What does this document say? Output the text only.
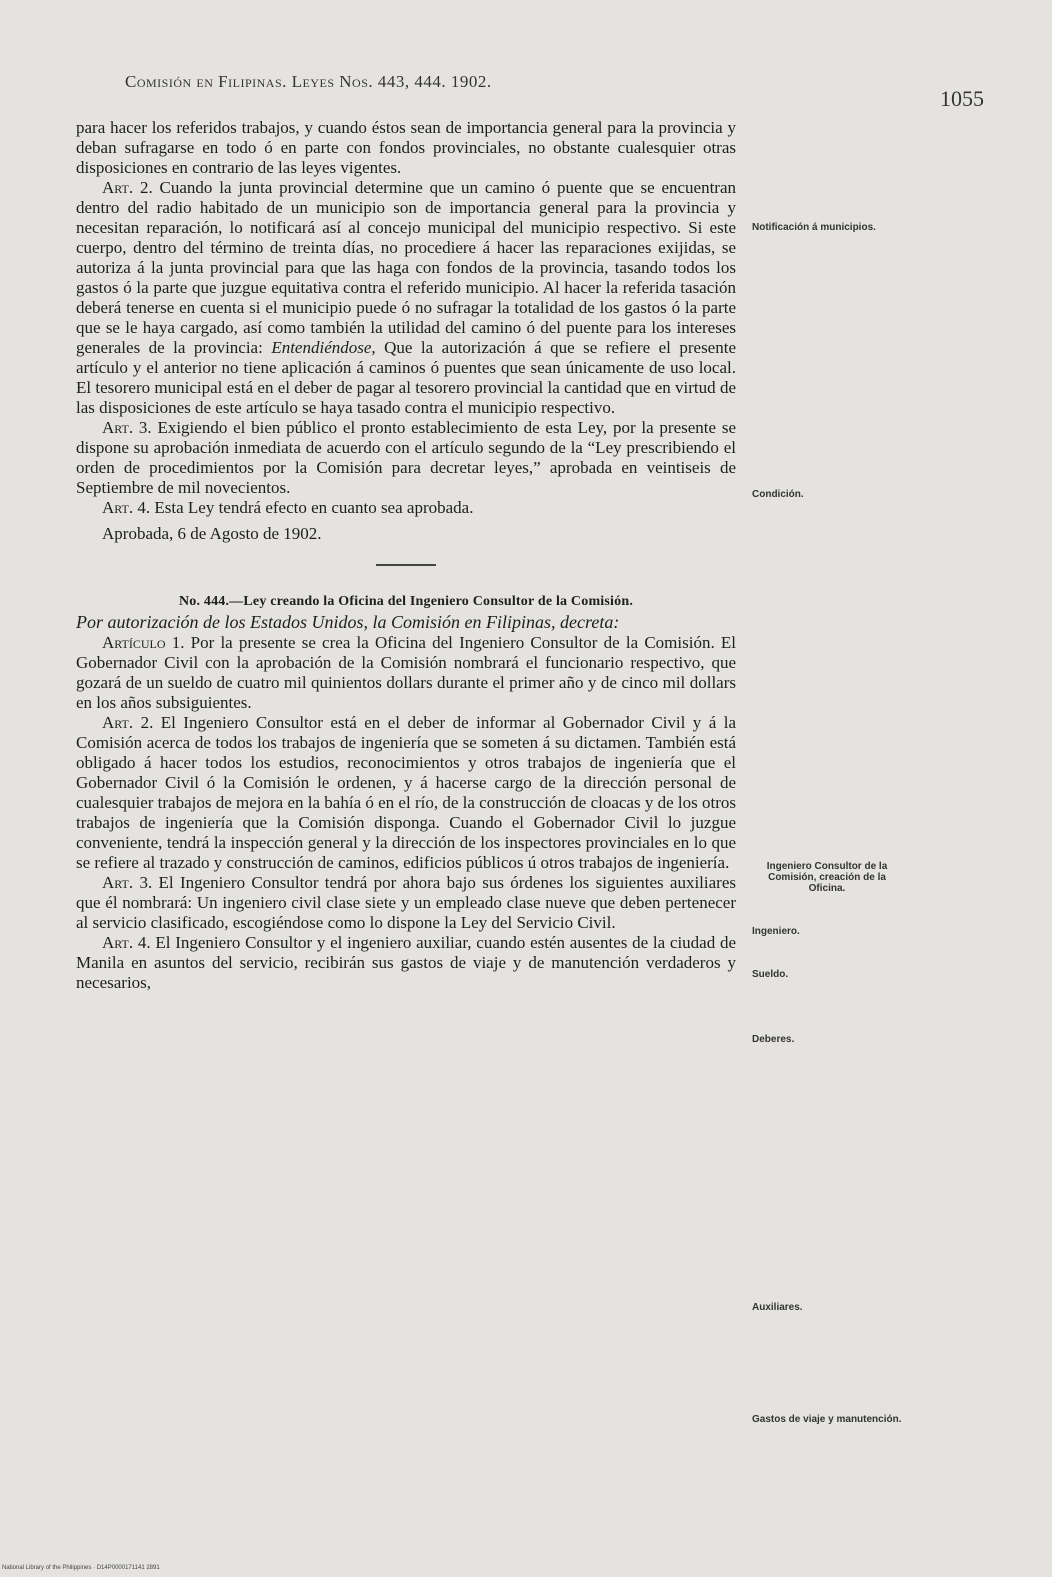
Comisión en Filipinas. Leyes Nos. 443, 444. 1902.
1055

para hacer los referidos trabajos, y cuando éstos sean de importancia general para la provincia y deban sufragarse en todo ó en parte con fondos provinciales, no obstante cualesquier otras disposiciones en contrario de las leyes vigentes.

Art. 2. Cuando la junta provincial determine que un camino ó puente que se encuentran dentro del radio habitado de un municipio son de importancia general para la provincia y necesitan reparación, lo notificará así al concejo municipal del municipio respectivo. Si este cuerpo, dentro del término de treinta días, no procediere á hacer las reparaciones exijidas, se autoriza á la junta provincial para que las haga con fondos de la provincia, tasando todos los gastos ó la parte que juzgue equitativa contra el referido municipio. Al hacer la referida tasación deberá tenerse en cuenta si el municipio puede ó no sufragar la totalidad de los gastos ó la parte que se le haya cargado, así como también la utilidad del camino ó del puente para los intereses generales de la provincia: Entendiéndose, Que la autorización á que se refiere el presente artículo y el anterior no tiene aplicación á caminos ó puentes que sean únicamente de uso local. El tesorero municipal está en el deber de pagar al tesorero provincial la cantidad que en virtud de las disposiciones de este artículo se haya tasado contra el municipio respectivo.

Art. 3. Exigiendo el bien público el pronto establecimiento de esta Ley, por la presente se dispone su aprobación inmediata de acuerdo con el artículo segundo de la “Ley prescribiendo el orden de procedimientos por la Comisión para decretar leyes,” aprobada en veintiseis de Septiembre de mil novecientos.

Art. 4. Esta Ley tendrá efecto en cuanto sea aprobada.

Aprobada, 6 de Agosto de 1902.

No. 444.—Ley creando la Oficina del Ingeniero Consultor de la Comisión.

Por autorización de los Estados Unidos, la Comisión en Filipinas, decreta:

Artículo 1. Por la presente se crea la Oficina del Ingeniero Consultor de la Comisión. El Gobernador Civil con la aprobación de la Comisión nombrará el funcionario respectivo, que gozará de un sueldo de cuatro mil quinientos dollars durante el primer año y de cinco mil dollars en los años subsiguientes.

Art. 2. El Ingeniero Consultor está en el deber de informar al Gobernador Civil y á la Comisión acerca de todos los trabajos de ingeniería que se someten á su dictamen. También está obligado á hacer todos los estudios, reconocimientos y otros trabajos de ingeniería que el Gobernador Civil ó la Comisión le ordenen, y á hacerse cargo de la dirección personal de cualesquier trabajos de mejora en la bahía ó en el río, de la construcción de cloacas y de los otros trabajos de ingeniería que la Comisión disponga. Cuando el Gobernador Civil lo juzgue conveniente, tendrá la inspección general y la dirección de los inspectores provinciales en lo que se refiere al trazado y construcción de caminos, edificios públicos ú otros trabajos de ingeniería.

Art. 3. El Ingeniero Consultor tendrá por ahora bajo sus órdenes los siguientes auxiliares que él nombrará: Un ingeniero civil clase siete y un empleado clase nueve que deben pertenecer al servicio clasificado, escogiéndose como lo dispone la Ley del Servicio Civil.

Art. 4. El Ingeniero Consultor y el ingeniero auxiliar, cuando estén ausentes de la ciudad de Manila en asuntos del servicio, recibirán sus gastos de viaje y de manutención verdaderos y necesarios,

Notificación á municipios.
Condición.
Ingeniero Consultor de la Comisión, creación de la Oficina.
Ingeniero.
Sueldo.
Deberes.
Auxiliares.
Gastos de viaje y manutención.
National Library of the Philippines · D14P0000171141 2891
